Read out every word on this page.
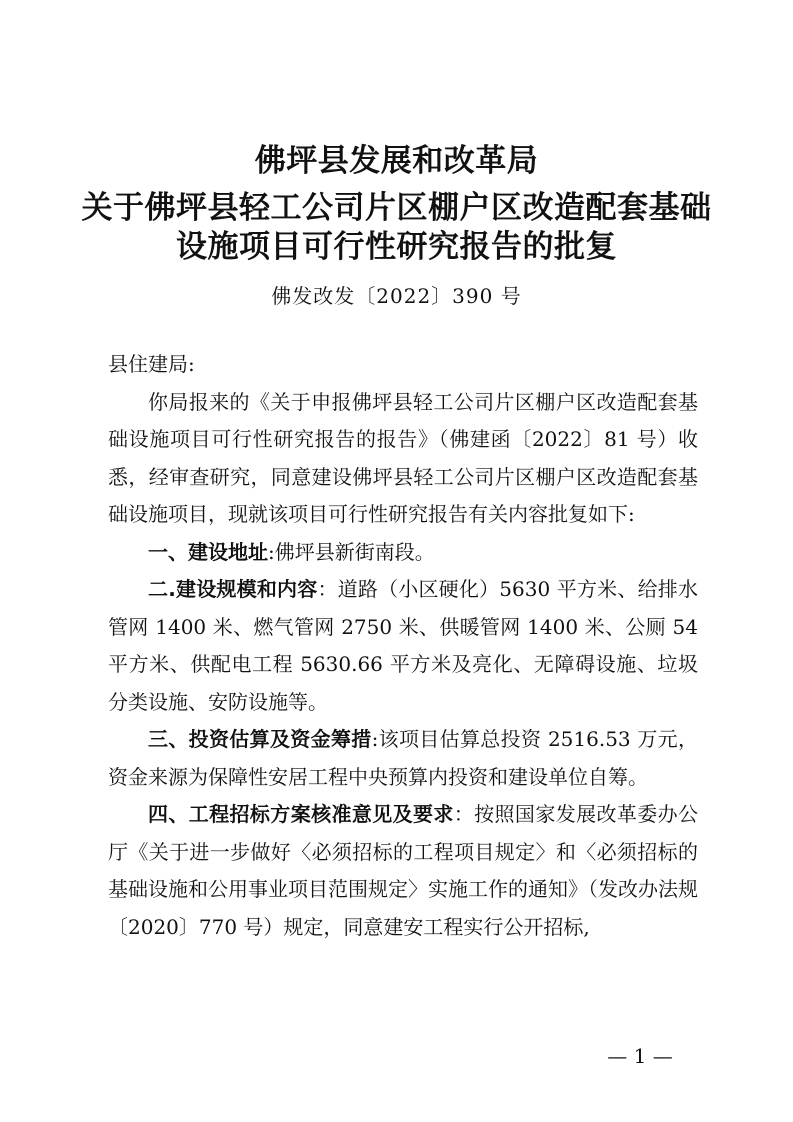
佛坪县发展和改革局
关于佛坪县轻工公司片区棚户区改造配套基础
设施项目可行性研究报告的批复
佛发改发〔2022〕390 号

县住建局:

你局报来的《关于申报佛坪县轻工公司片区棚户区改造配套基础设施项目可行性研究报告的报告》（佛建函〔2022〕81 号）收悉，经审查研究，同意建设佛坪县轻工公司片区棚户区改造配套基础设施项目，现就该项目可行性研究报告有关内容批复如下:

一、建设地址:佛坪县新街南段。

二.建设规模和内容：道路（小区硬化）5630 平方米、给排水管网 1400 米、燃气管网 2750 米、供暖管网 1400 米、公厕 54 平方米、供配电工程 5630.66 平方米及亮化、无障碍设施、垃圾分类设施、安防设施等。

三、投资估算及资金筹措:该项目估算总投资 2516.53 万元，资金来源为保障性安居工程中央预算内投资和建设单位自筹。

四、工程招标方案核准意见及要求：按照国家发展改革委办公厅《关于进一步做好〈必须招标的工程项目规定〉和〈必须招标的基础设施和公用事业项目范围规定〉实施工作的通知》（发改办法规〔2020〕770 号）规定，同意建安工程实行公开招标,

— 1 —
